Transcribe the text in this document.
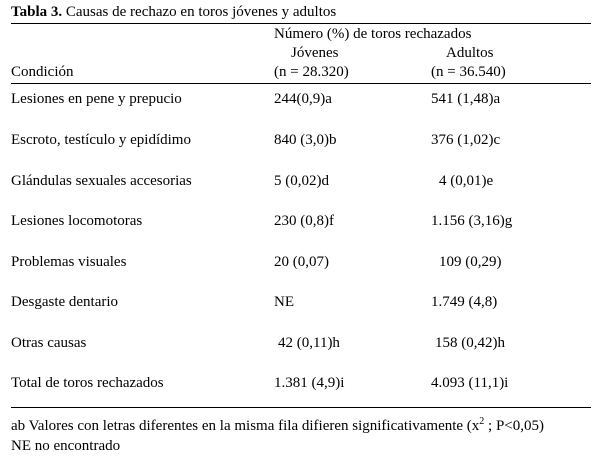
Tabla 3. Causas de rechazo en toros jóvenes y adultos
Número (%) de toros rechazados
Jóvenes	Adultos
Condición	(n = 28.320)	(n = 36.540)
Lesiones en pene y prepucio	244(0,9)a	541 (1,48)a
Escroto, testículo y epidídimo	840 (3,0)b	376 (1,02)c
Glándulas sexuales accesorias	5 (0,02)d	4 (0,01)e
Lesiones locomotoras	230 (0,8)f	1.156 (3,16)g
Problemas visuales	20 (0,07)	109 (0,29)
Desgaste dentario	NE	1.749 (4,8)
Otras causas	42 (0,11)h	158 (0,42)h
Total de toros rechazados	1.381 (4,9)i	4.093 (11,1)i
ab Valores con letras diferentes en la misma fila difieren significativamente ($x^2$ ; P<0,05)
NE no encontrado
